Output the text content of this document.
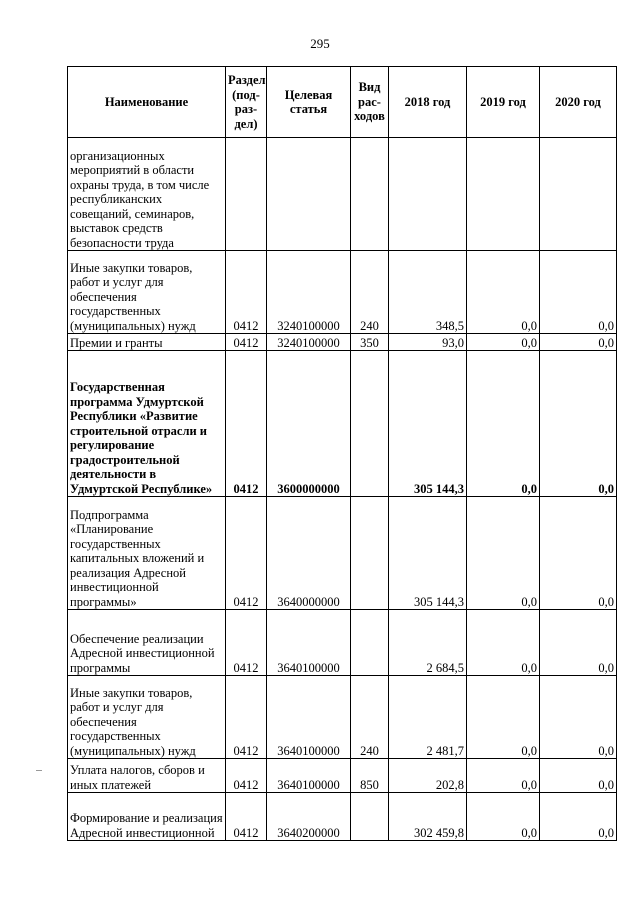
295
Наименование	Раздел (под-раз-дел)	Целевая статья	Вид рас-ходов	2018 год	2019 год	2020 год
организационных мероприятий в области охраны труда, в том числе республиканских совещаний, семинаров, выставок средств безопасности труда						
Иные закупки товаров, работ и услуг для обеспечения государственных (муниципальных) нужд	0412	3240100000	240	348,5	0,0	0,0
Премии и гранты	0412	3240100000	350	93,0	0,0	0,0
Государственная программа Удмуртской Республики «Развитие строительной отрасли и регулирование градостроительной деятельности в Удмуртской Республике»	0412	3600000000		305 144,3	0,0	0,0
Подпрограмма «Планирование государственных капитальных вложений и реализация Адресной инвестиционной программы»	0412	3640000000		305 144,3	0,0	0,0
Обеспечение реализации Адресной инвестиционной программы	0412	3640100000		2 684,5	0,0	0,0
Иные закупки товаров, работ и услуг для обеспечения государственных (муниципальных) нужд	0412	3640100000	240	2 481,7	0,0	0,0
Уплата налогов, сборов и иных платежей	0412	3640100000	850	202,8	0,0	0,0
Формирование и реализация Адресной инвестиционной	0412	3640200000		302 459,8	0,0	0,0
